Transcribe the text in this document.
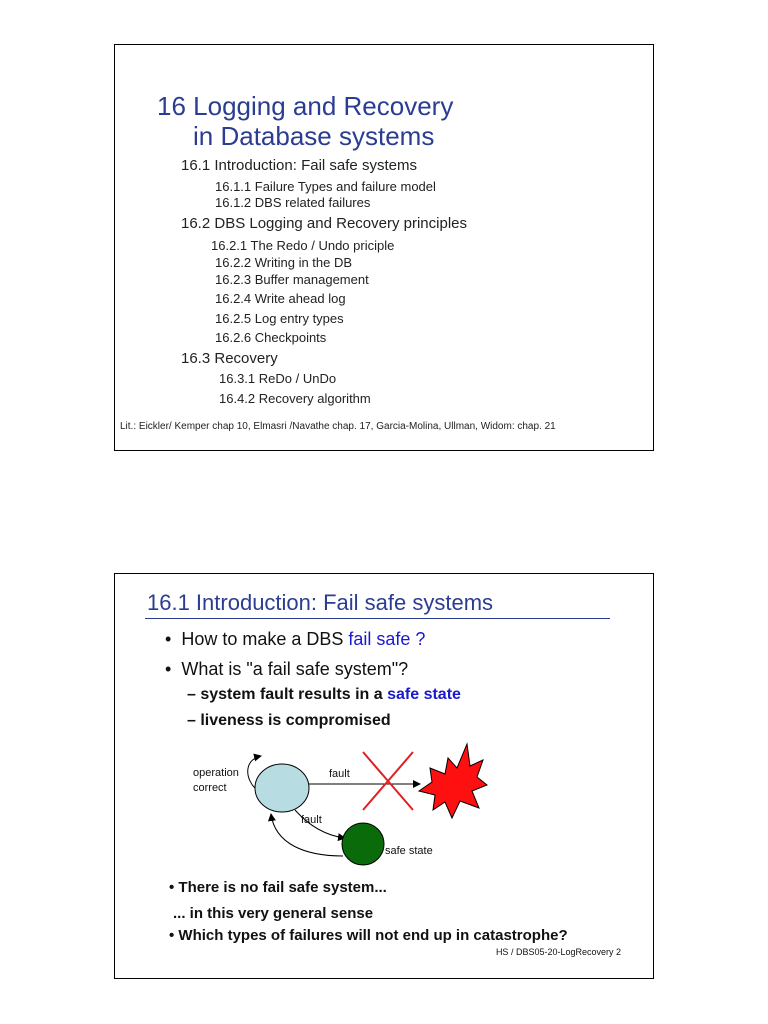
16 Logging and Recovery
in Database systems
16.1 Introduction: Fail safe systems
16.1.1 Failure Types and failure model
16.1.2 DBS related failures
16.2 DBS Logging and Recovery principles
16.2.1 The Redo / Undo priciple
16.2.2 Writing in the DB
16.2.3 Buffer management
16.2.4 Write ahead log
16.2.5 Log entry types
16.2.6 Checkpoints
16.3 Recovery
16.3.1 ReDo / UnDo
16.4.2 Recovery algorithm
Lit.: Eickler/ Kemper chap 10, Elmasri /Navathe chap. 17, Garcia-Molina, Ullman, Widom: chap. 21
16.1 Introduction: Fail safe systems
• How to make a DBS fail safe ?
• What is "a fail safe system"?
– system fault results in a safe state
– liveness is compromised
operation
correct
fault
fault
safe state
• There is no fail safe system...
... in this very general sense
• Which types of failures will not end up in catastrophe?
HS / DBS05-20-LogRecovery 2
